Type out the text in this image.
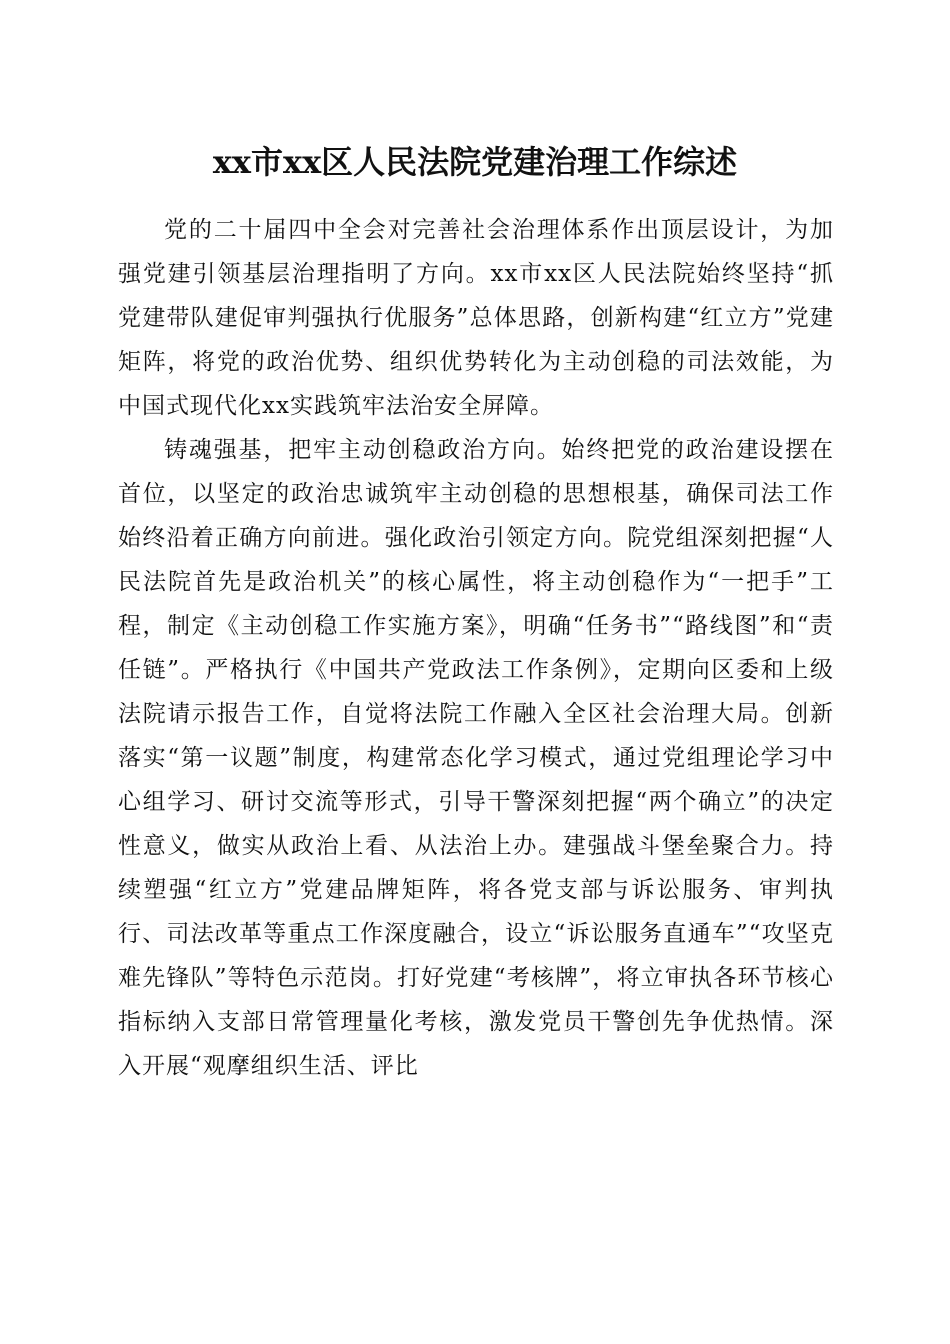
xx市xx区人民法院党建治理工作综述

党的二十届四中全会对完善社会治理体系作出顶层设计，为加强党建引领基层治理指明了方向。xx市xx区人民法院始终坚持“抓党建带队建促审判强执行优服务”总体思路，创新构建“红立方”党建矩阵，将党的政治优势、组织优势转化为主动创稳的司法效能，为中国式现代化xx实践筑牢法治安全屏障。

铸魂强基，把牢主动创稳政治方向。始终把党的政治建设摆在首位，以坚定的政治忠诚筑牢主动创稳的思想根基，确保司法工作始终沿着正确方向前进。强化政治引领定方向。院党组深刻把握“人民法院首先是政治机关”的核心属性，将主动创稳作为“一把手”工程，制定《主动创稳工作实施方案》，明确“任务书”“路线图”和“责任链”。严格执行《中国共产党政法工作条例》，定期向区委和上级法院请示报告工作，自觉将法院工作融入全区社会治理大局。创新落实“第一议题”制度，构建常态化学习模式，通过党组理论学习中心组学习、研讨交流等形式，引导干警深刻把握“两个确立”的决定性意义，做实从政治上看、从法治上办。建强战斗堡垒聚合力。持续塑强“红立方”党建品牌矩阵，将各党支部与诉讼服务、审判执行、司法改革等重点工作深度融合，设立“诉讼服务直通车”“攻坚克难先锋队”等特色示范岗。打好党建“考核牌”，将立审执各环节核心指标纳入支部日常管理量化考核，激发党员干警创先争优热情。深入开展“观摩组织生活、评比
